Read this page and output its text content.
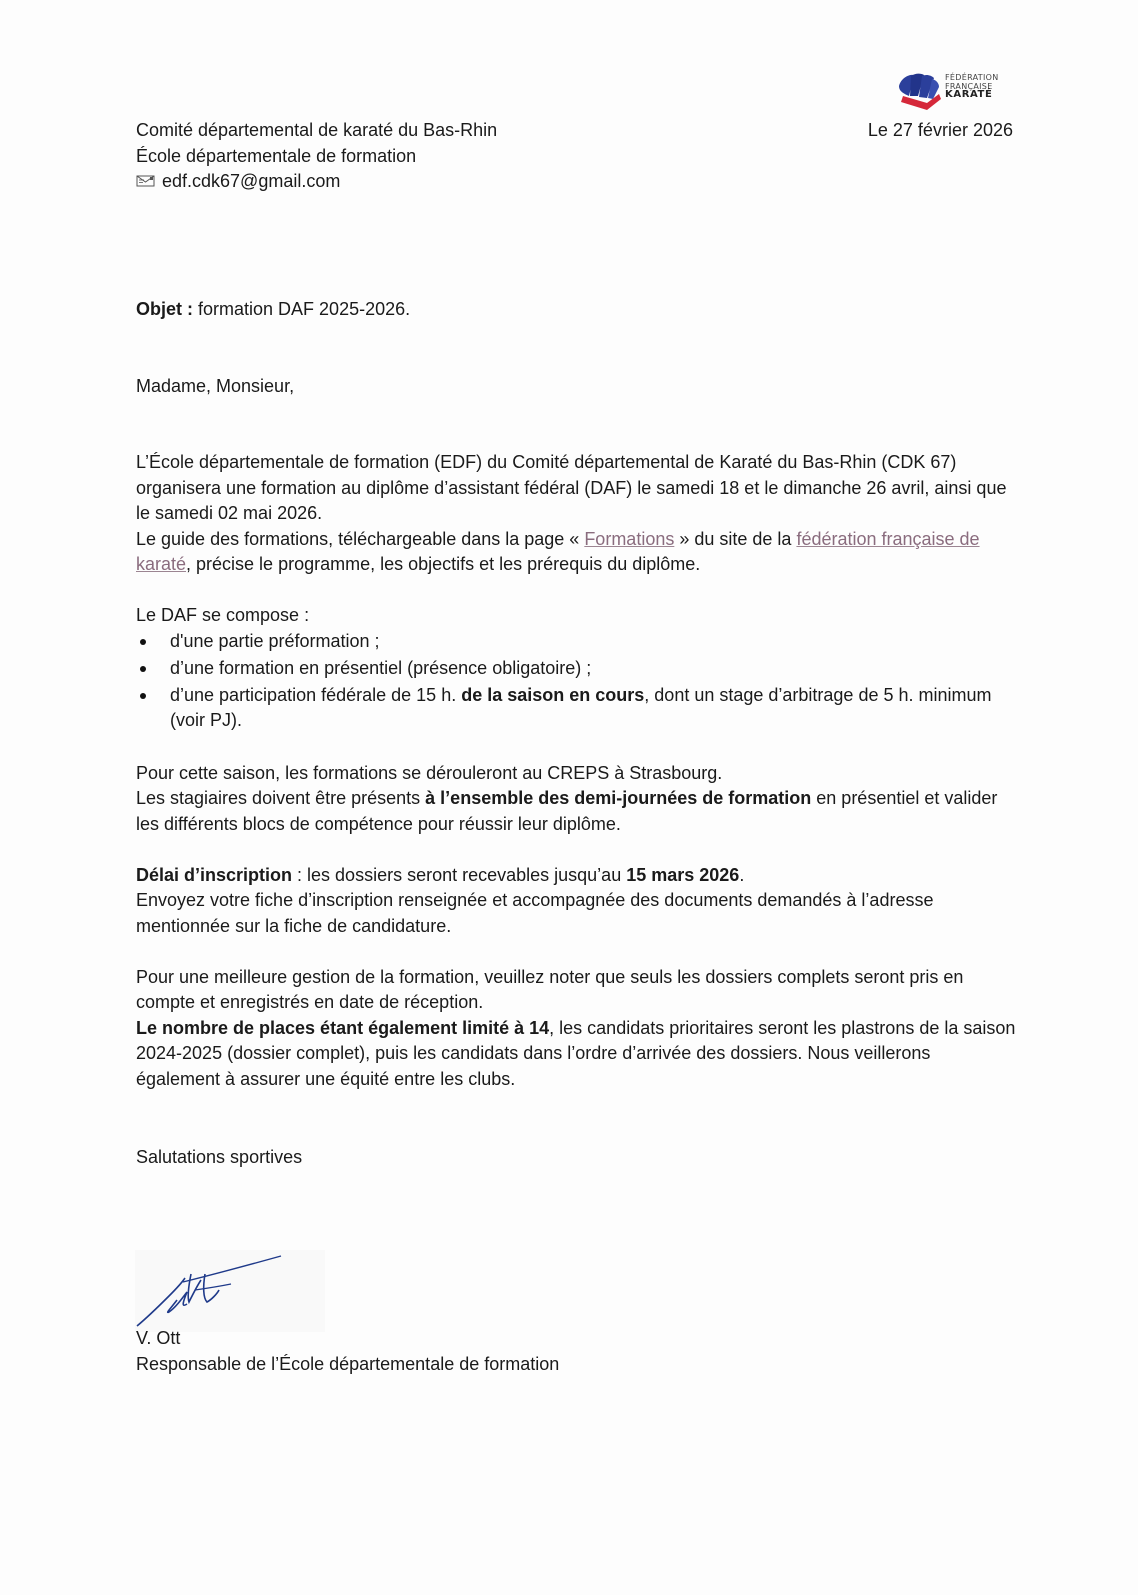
FÉDÉRATION
FRANÇAISE
KARATÉ
Comité départemental de karaté du Bas-Rhin
École départementale de formation
edf.cdk67@gmail.com
Le 27 février 2026
Objet : formation DAF 2025-2026.
Madame, Monsieur,

L’École départementale de formation (EDF) du Comité départemental de Karaté du Bas-Rhin (CDK 67) organisera une formation au diplôme d’assistant fédéral (DAF) le samedi 18 et le dimanche 26 avril, ainsi que le samedi 02 mai 2026.

Le guide des formations, téléchargeable dans la page « Formations » du site de la fédération française de karaté, précise le programme, les objectifs et les prérequis du diplôme.

Le DAF se compose :

d'une partie préformation ;
d’une formation en présentiel (présence obligatoire) ;
d’une participation fédérale de 15 h. de la saison en cours, dont un stage d’arbitrage de 5 h. minimum (voir PJ).

Pour cette saison, les formations se dérouleront au CREPS à Strasbourg.

Les stagiaires doivent être présents à l’ensemble des demi-journées de formation en présentiel et valider les différents blocs de compétence pour réussir leur diplôme.

Délai d’inscription : les dossiers seront recevables jusqu’au 15 mars 2026.

Envoyez votre fiche d’inscription renseignée et accompagnée des documents demandés à l’adresse mentionnée sur la fiche de candidature.

Pour une meilleure gestion de la formation, veuillez noter que seuls les dossiers complets seront pris en compte et enregistrés en date de réception.

Le nombre de places étant également limité à 14, les candidats prioritaires seront les plastrons de la saison 2024-2025 (dossier complet), puis les candidats dans l’ordre d’arrivée des dossiers. Nous veillerons également à assurer une équité entre les clubs.

Salutations sportives
V. Ott
Responsable de l’École départementale de formation
